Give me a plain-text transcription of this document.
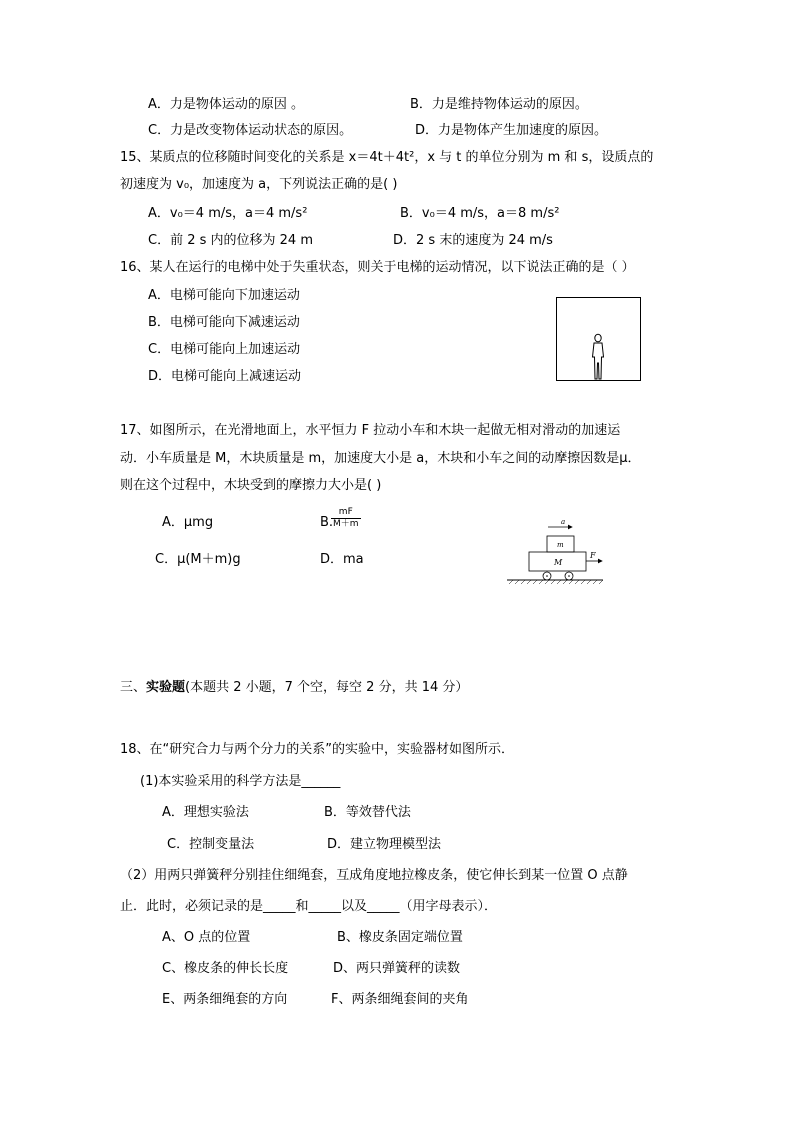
A．力是物体运动的原因 。	B．力是维持物体运动的原因。
C．力是改变物体运动状态的原因。	D．力是物体产生加速度的原因。
15、某质点的位移随时间变化的关系是 x＝4t＋4t²，x 与 t 的单位分别为 m 和 s，设质点的
初速度为 v₀，加速度为 a，下列说法正确的是( )
A．v₀＝4 m/s，a＝4 m/s²	B．v₀＝4 m/s，a＝8 m/s²
C．前 2 s 内的位移为 24 m	D．2 s 末的速度为 24 m/s
16、某人在运行的电梯中处于失重状态，则关于电梯的运动情况，以下说法正确的是（ ）
A．电梯可能向下加速运动
B．电梯可能向下减速运动
C．电梯可能向上加速运动
D．电梯可能向上减速运动
17、如图所示，在光滑地面上，水平恒力 F 拉动小车和木块一起做无相对滑动的加速运
动．小车质量是 M，木块质量是 m，加速度大小是 a，木块和小车之间的动摩擦因数是μ．
则在这个过程中，木块受到的摩擦力大小是( )
A．μmg	B.
$\frac{mF}{M+m}$
C．μ(M＋m)g	D．ma
a
m
M
F
三、实验题(本题共 2 小题，7 个空，每空 2 分，共 14 分）
18、在“研究合力与两个分力的关系”的实验中，实验器材如图所示．
(1)本实验采用的科学方法是______
A．理想实验法	B．等效替代法
C．控制变量法	D．建立物理模型法
（2）用两只弹簧秤分别挂住细绳套，互成角度地拉橡皮条，使它伸长到某一位置 O 点静
止．此时，必须记录的是_____和_____以及_____（用字母表示）．
A、O 点的位置	B、橡皮条固定端位置
C、橡皮条的伸长长度	D、两只弹簧秤的读数
E、两条细绳套的方向	F、两条细绳套间的夹角
